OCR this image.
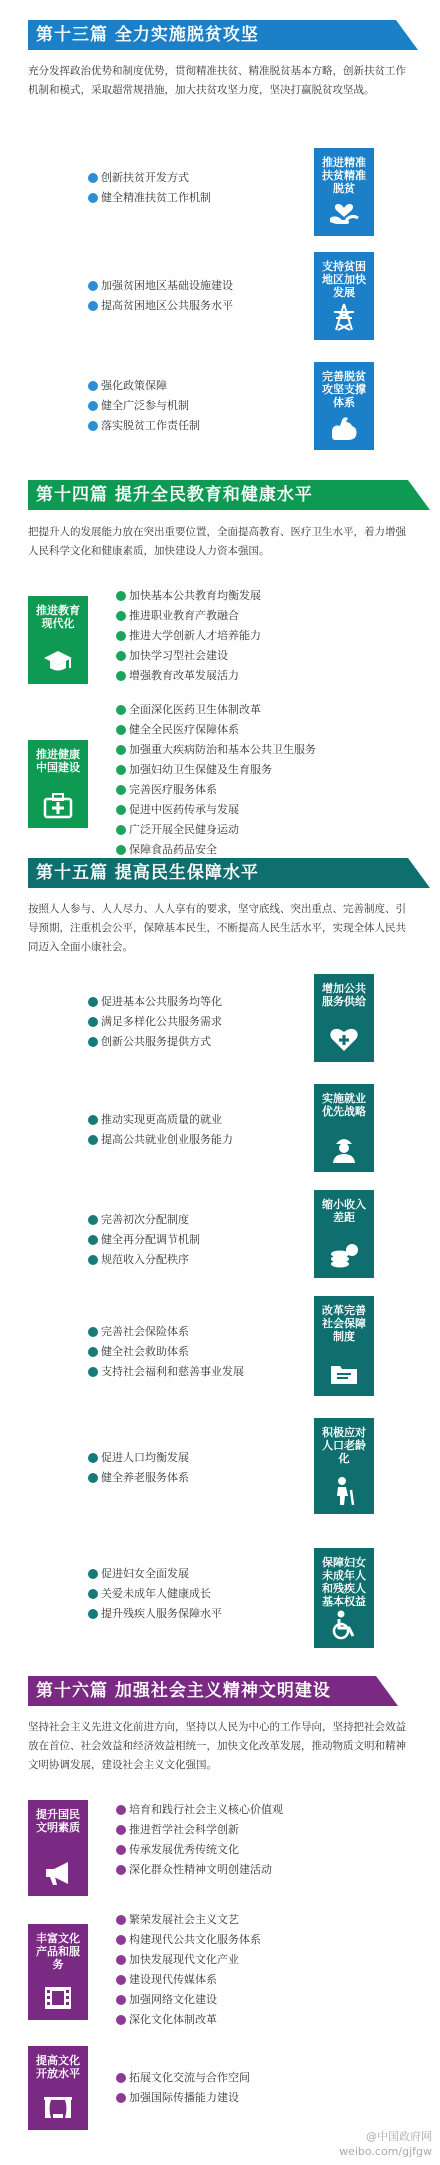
第十三篇 全力实施脱贫攻坚
充分发挥政治优势和制度优势，贯彻精准扶贫、精准脱贫基本方略，创新扶贫工作机制和模式，采取超常规措施，加大扶贫攻坚力度，坚决打赢脱贫攻坚战。
创新扶贫开发方式
健全精准扶贫工作机制
推进精准扶贫精准脱贫
加强贫困地区基础设施建设
提高贫困地区公共服务水平
支持贫困地区加快发展
强化政策保障
健全广泛参与机制
落实脱贫工作责任制
完善脱贫攻坚支撑体系
第十四篇 提升全民教育和健康水平
把提升人的发展能力放在突出重要位置，全面提高教育、医疗卫生水平，着力增强人民科学文化和健康素质，加快建设人力资本强国。
推进教育现代化
加快基本公共教育均衡发展
推进职业教育产教融合
推进大学创新人才培养能力
加快学习型社会建设
增强教育改革发展活力
推进健康中国建设
全面深化医药卫生体制改革
健全全民医疗保障体系
加强重大疾病防治和基本公共卫生服务
加强妇幼卫生保健及生育服务
完善医疗服务体系
促进中医药传承与发展
广泛开展全民健身运动
保障食品药品安全
第十五篇 提高民生保障水平
按照人人参与、人人尽力、人人享有的要求，坚守底线、突出重点、完善制度、引导预期，注重机会公平，保障基本民生，不断提高人民生活水平，实现全体人民共同迈入全面小康社会。
促进基本公共服务均等化
满足多样化公共服务需求
创新公共服务提供方式
增加公共服务供给
推动实现更高质量的就业
提高公共就业创业服务能力
实施就业优先战略
完善初次分配制度
健全再分配调节机制
规范收入分配秩序
缩小收入差距
完善社会保险体系
健全社会救助体系
支持社会福利和慈善事业发展
改革完善社会保障制度
促进人口均衡发展
健全养老服务体系
积极应对人口老龄化
促进妇女全面发展
关爱未成年人健康成长
提升残疾人服务保障水平
保障妇女未成年人和残疾人基本权益
第十六篇 加强社会主义精神文明建设
坚持社会主义先进文化前进方向，坚持以人民为中心的工作导向，坚持把社会效益放在首位、社会效益和经济效益相统一，加快文化改革发展，推动物质文明和精神文明协调发展，建设社会主义文化强国。
提升国民文明素质
培育和践行社会主义核心价值观
推进哲学社会科学创新
传承发展优秀传统文化
深化群众性精神文明创建活动
丰富文化产品和服务
繁荣发展社会主义文艺
构建现代公共文化服务体系
加快发展现代文化产业
建设现代传媒体系
加强网络文化建设
深化文化体制改革
提高文化开放水平	拓展文化交流与合作空间
加强国际传播能力建设
@中国政府网
weibo.com/gjfgw
